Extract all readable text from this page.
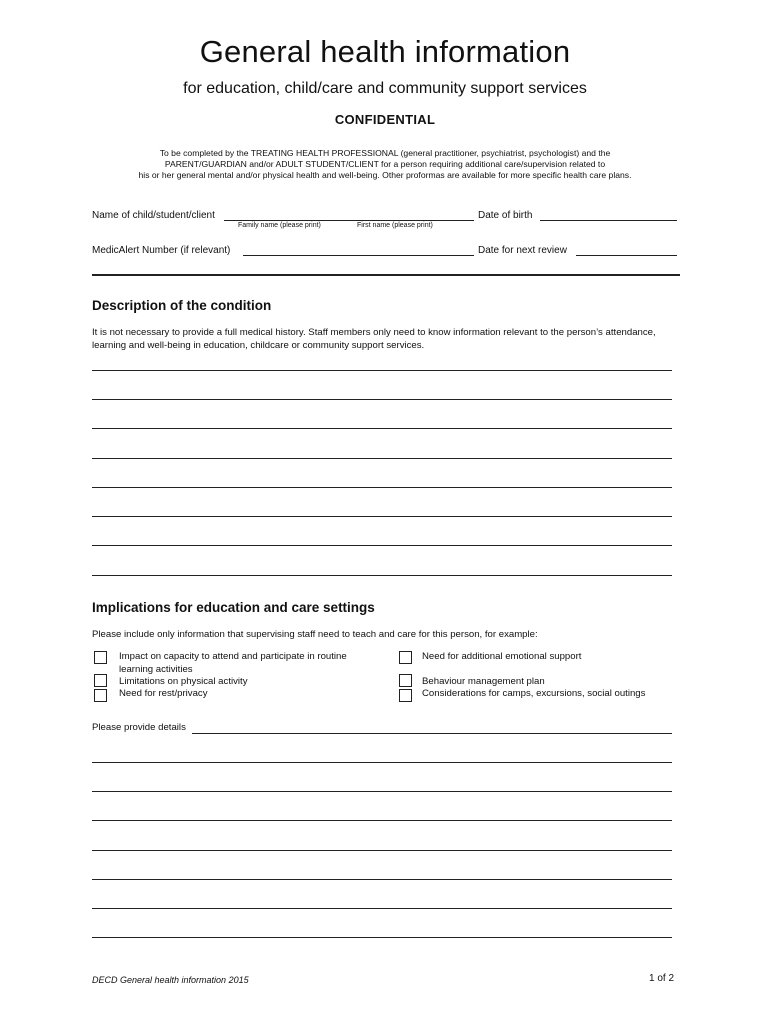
General health information
for education, child/care and community support services
CONFIDENTIAL
To be completed by the TREATING HEALTH PROFESSIONAL (general practitioner, psychiatrist, psychologist) and the
PARENT/GUARDIAN and/or ADULT STUDENT/CLIENT for a person requiring additional care/supervision related to
his or her general mental and/or physical health and well-being. Other proformas are available for more specific health care plans.
Name of child/student/client
Family name (please print)	First name (please print)
Date of birth
MedicAlert Number (if relevant)	Date for next review
Description of the condition
It is not necessary to provide a full medical history. Staff members only need to know information relevant to the person’s attendance, learning and well-being in education, childcare or community support services.
Implications for education and care settings
Please include only information that supervising staff need to teach and care for this person, for example:
Impact on capacity to attend and participate in routine learning activities
Limitations on physical activity
Need for rest/privacy
Need for additional emotional support
Behaviour management plan
Considerations for camps, excursions, social outings
Please provide details
DECD General health information 2015	1 of 2
